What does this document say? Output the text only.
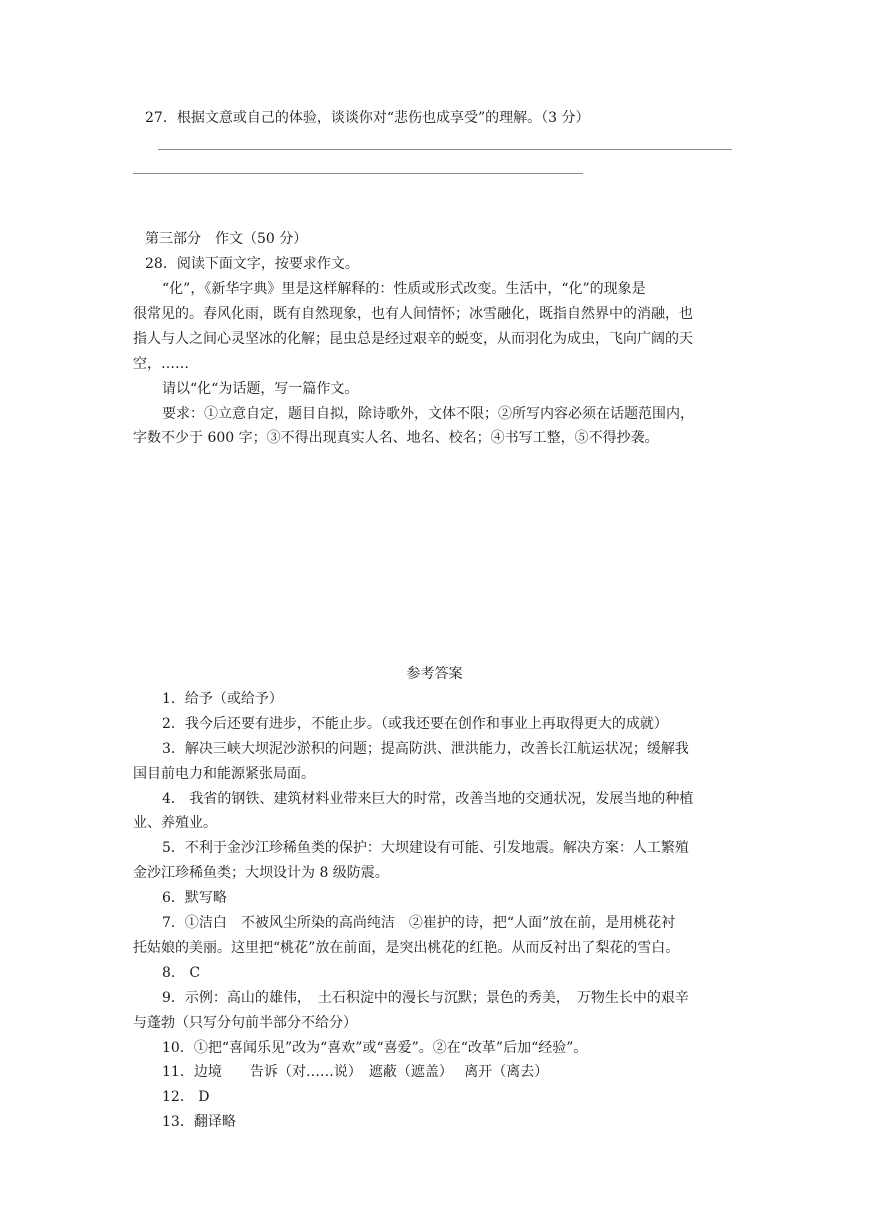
27．根据文意或自己的体验，谈谈你对“悲伤也成享受”的理解。（3 分）
第三部分　作文（50 分）
28．阅读下面文字，按要求作文。
“化”，《新华字典》里是这样解释的：性质或形式改变。生活中，“化”的现象是
很常见的。春风化雨，既有自然现象，也有人间情怀；冰雪融化，既指自然界中的消融，也
指人与人之间心灵坚冰的化解；昆虫总是经过艰辛的蜕变，从而羽化为成虫，飞向广阔的天
空，……
请以“化“为话题，写一篇作文。
要求：①立意自定，题目自拟，除诗歌外，文体不限；②所写内容必须在话题范围内，
字数不少于 600 字；③不得出现真实人名、地名、校名；④书写工整，⑤不得抄袭。
参考答案
1．给予（或给予）
2．我今后还要有进步，不能止步。（或我还要在创作和事业上再取得更大的成就）
3．解决三峡大坝泥沙淤积的问题；提高防洪、泄洪能力，改善长江航运状况；缓解我
国目前电力和能源紧张局面。
4． 我省的钢铁、建筑材料业带来巨大的时常，改善当地的交通状况，发展当地的种植
业、养殖业。
5．不利于金沙江珍稀鱼类的保护：大坝建设有可能、引发地震。解决方案：人工繁殖
金沙江珍稀鱼类；大坝设计为 8 级防震。
6．默写略
7．①洁白　不被风尘所染的高尚纯洁　②崔护的诗，把“人面”放在前，是用桃花衬
托姑娘的美丽。这里把“桃花”放在前面，是突出桃花的红艳。从而反衬出了梨花的雪白。
8． C
9．示例：高山的雄伟，　土石积淀中的漫长与沉默；景色的秀美，　万物生长中的艰辛
与蓬勃（只写分句前半部分不给分）
10．①把“喜闻乐见”改为“喜欢”或“喜爱”。②在“改革”后加“经验”。
11．边境　　告诉（对……说）　遮蔽（遮盖）　 离开（离去）
12． D
13．翻译略
